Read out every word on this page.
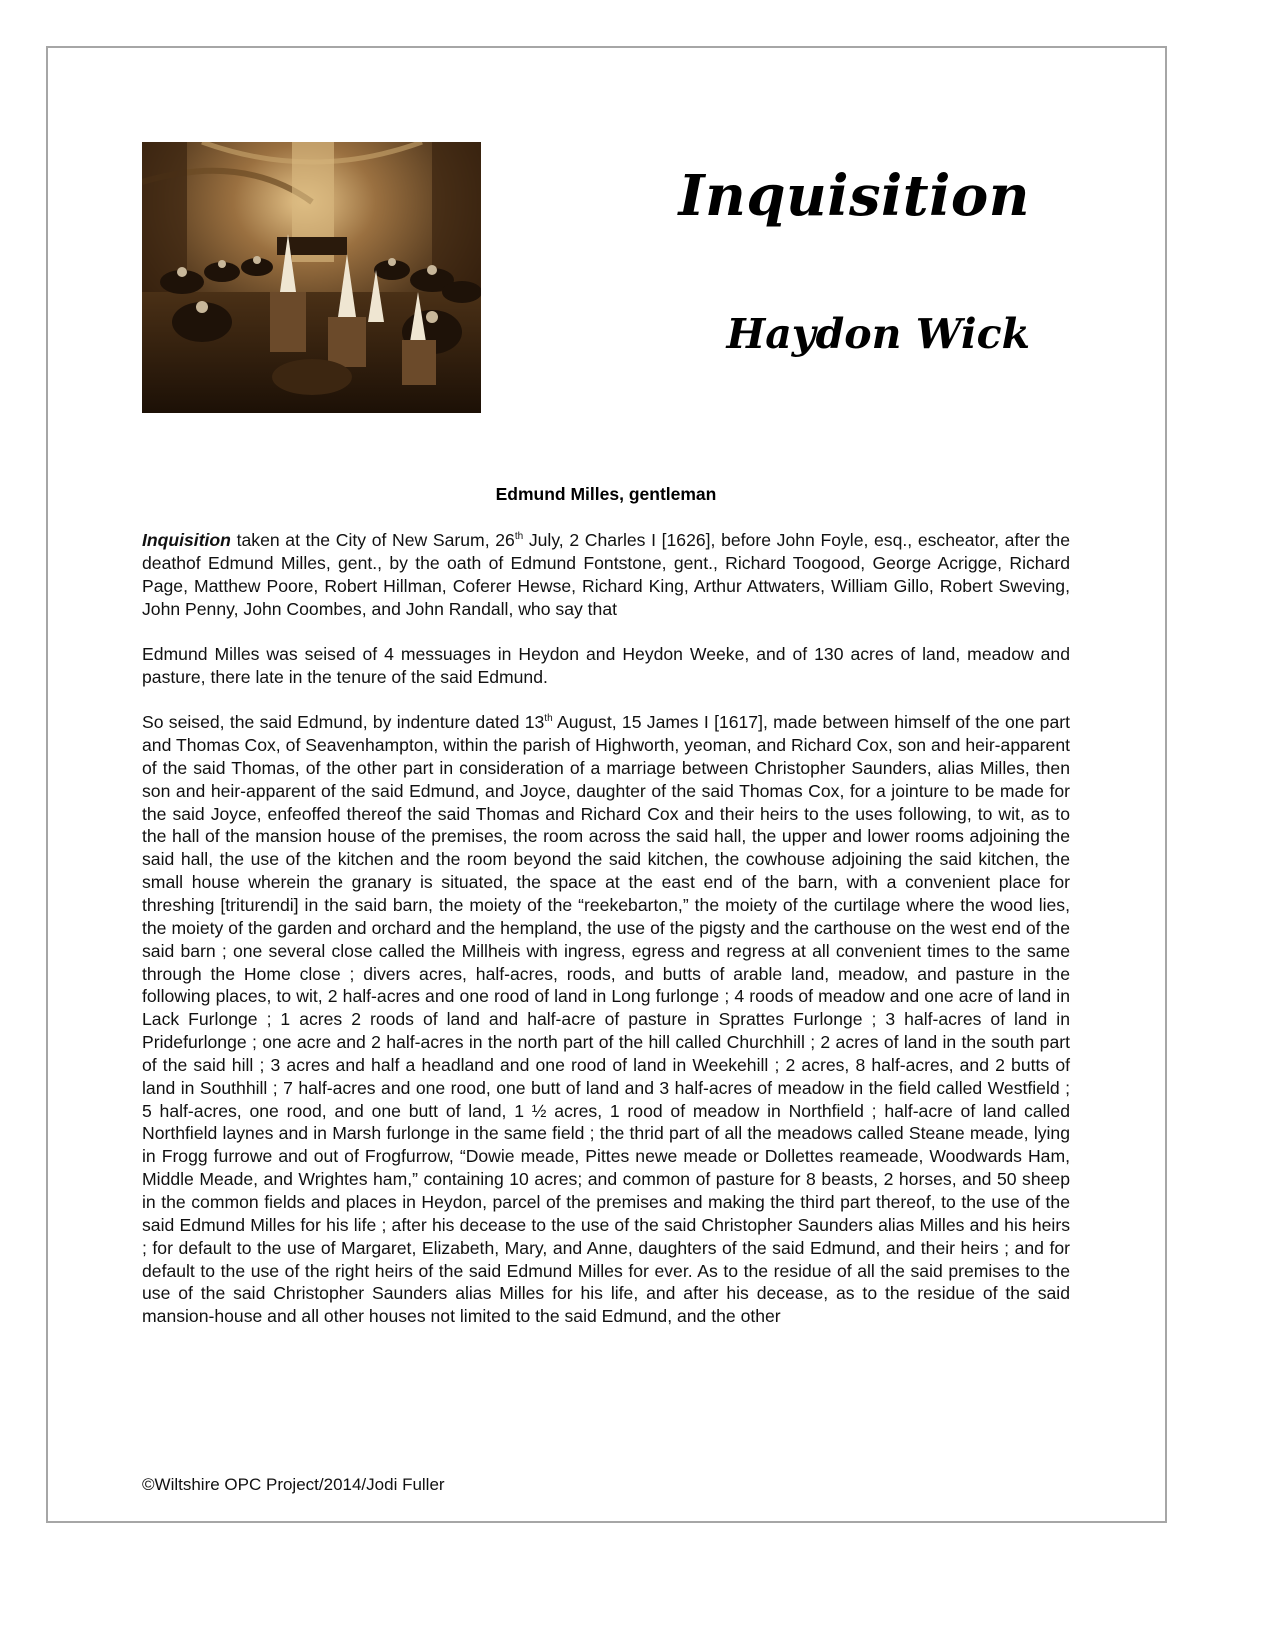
Inquisition
Haydon Wick
Edmund Milles, gentleman

Inquisition taken at the City of New Sarum, 26th July, 2 Charles I [1626], before John Foyle, esq., escheator, after the deathof Edmund Milles, gent., by the oath of Edmund Fontstone, gent., Richard Toogood, George Acrigge, Richard Page, Matthew Poore, Robert Hillman, Coferer Hewse, Richard King, Arthur Attwaters, William Gillo, Robert Sweving, John Penny, John Coombes, and John Randall, who say that

Edmund Milles was seised of 4 messuages in Heydon and Heydon Weeke, and of 130 acres of land, meadow and pasture, there late in the tenure of the said Edmund.

So seised, the said Edmund, by indenture dated 13th August, 15 James I [1617], made between himself of the one part and Thomas Cox, of Seavenhampton, within the parish of Highworth, yeoman, and Richard Cox, son and heir-apparent of the said Thomas, of the other part in consideration of a marriage between Christopher Saunders, alias Milles, then son and heir-apparent of the said Edmund, and Joyce, daughter of the said Thomas Cox, for a jointure to be made for the said Joyce, enfeoffed thereof the said Thomas and Richard Cox and their heirs to the uses following, to wit, as to the hall of the mansion house of the premises, the room across the said hall, the upper and lower rooms adjoining the said hall, the use of the kitchen and the room beyond the said kitchen, the cowhouse adjoining the said kitchen, the small house wherein the granary is situated, the space at the east end of the barn, with a convenient place for threshing [triturendi] in the said barn, the moiety of the “reekebarton,” the moiety of the curtilage where the wood lies, the moiety of the garden and orchard and the hempland, the use of the pigsty and the carthouse on the west end of the said barn ; one several close called the Millheis with ingress, egress and regress at all convenient times to the same through the Home close ; divers acres, half-acres, roods, and butts of arable land, meadow, and pasture in the following places, to wit, 2 half-acres and one rood of land in Long furlonge ; 4 roods of meadow and one acre of land in Lack Furlonge ; 1 acres 2 roods of land and half-acre of pasture in Sprattes Furlonge ; 3 half-acres of land in Pridefurlonge ; one acre and 2 half-acres in the north part of the hill called Churchhill ; 2 acres of land in the south part of the said hill ; 3 acres and half a headland and one rood of land in Weekehill ; 2 acres, 8 half-acres, and 2 butts of land in Southhill ; 7 half-acres and one rood, one butt of land and 3 half-acres of meadow in the field called Westfield ; 5 half-acres, one rood, and one butt of land, 1 ½ acres, 1 rood of meadow in Northfield ; half-acre of land called Northfield laynes and in Marsh furlonge in the same field ; the thrid part of all the meadows called Steane meade, lying in Frogg furrowe and out of Frogfurrow, “Dowie meade, Pittes newe meade or Dollettes reameade, Woodwards Ham, Middle Meade, and Wrightes ham,” containing 10 acres; and common of pasture for 8 beasts, 2 horses, and 50 sheep in the common fields and places in Heydon, parcel of the premises and making the third part thereof, to the use of the said Edmund Milles for his life ; after his decease to the use of the said Christopher Saunders alias Milles and his heirs ; for default to the use of Margaret, Elizabeth, Mary, and Anne, daughters of the said Edmund, and their heirs ; and for default to the use of the right heirs of the said Edmund Milles for ever. As to the residue of all the said premises to the use of the said Christopher Saunders alias Milles for his life, and after his decease, as to the residue of the said mansion-house and all other houses not limited to the said Edmund, and the other

©Wiltshire OPC Project/2014/Jodi Fuller
